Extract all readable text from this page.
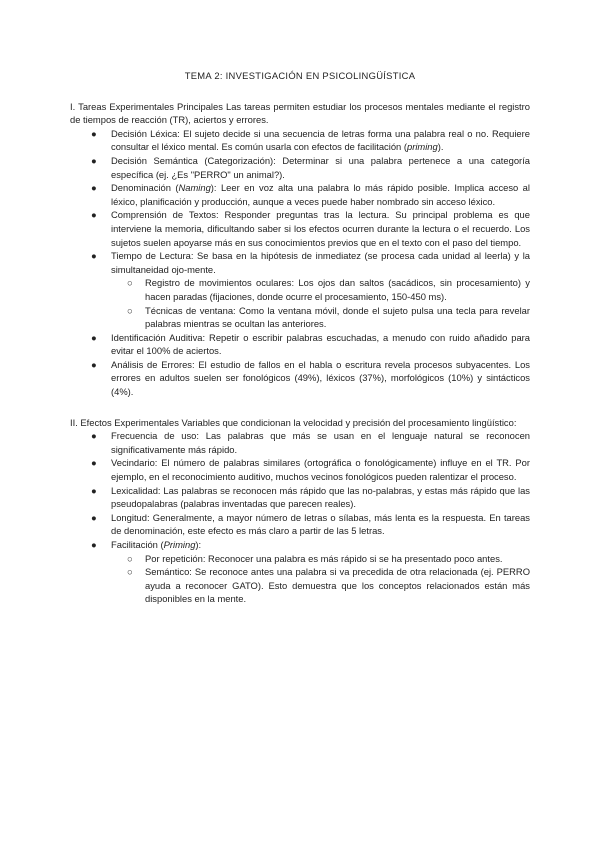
TEMA 2: INVESTIGACIÓN EN PSICOLINGÜÍSTICA

I. Tareas Experimentales Principales Las tareas permiten estudiar los procesos mentales mediante el registro de tiempos de reacción (TR), aciertos y errores.

●	Decisión Léxica: El sujeto decide si una secuencia de letras forma una palabra real o no. Requiere consultar el léxico mental. Es común usarla con efectos de facilitación (priming).
●	Decisión Semántica (Categorización): Determinar si una palabra pertenece a una categoría específica (ej. ¿Es "PERRO" un animal?).
●	Denominación (Naming): Leer en voz alta una palabra lo más rápido posible. Implica acceso al léxico, planificación y producción, aunque a veces puede haber nombrado sin acceso léxico.
●	Comprensión de Textos: Responder preguntas tras la lectura. Su principal problema es que interviene la memoria, dificultando saber si los efectos ocurren durante la lectura o el recuerdo. Los sujetos suelen apoyarse más en sus conocimientos previos que en el texto con el paso del tiempo.
●	Tiempo de Lectura: Se basa en la hipótesis de inmediatez (se procesa cada unidad al leerla) y la simultaneidad ojo-mente.
○	Registro de movimientos oculares: Los ojos dan saltos (sacádicos, sin procesamiento) y hacen paradas (fijaciones, donde ocurre el procesamiento, 150-450 ms).
○	Técnicas de ventana: Como la ventana móvil, donde el sujeto pulsa una tecla para revelar palabras mientras se ocultan las anteriores.
●	Identificación Auditiva: Repetir o escribir palabras escuchadas, a menudo con ruido añadido para evitar el 100% de aciertos.
●	Análisis de Errores: El estudio de fallos en el habla o escritura revela procesos subyacentes. Los errores en adultos suelen ser fonológicos (49%), léxicos (37%), morfológicos (10%) y sintácticos (4%).

II. Efectos Experimentales Variables que condicionan la velocidad y precisión del procesamiento lingüístico:

●	Frecuencia de uso: Las palabras que más se usan en el lenguaje natural se reconocen significativamente más rápido.
●	Vecindario: El número de palabras similares (ortográfica o fonológicamente) influye en el TR. Por ejemplo, en el reconocimiento auditivo, muchos vecinos fonológicos pueden ralentizar el proceso.
●	Lexicalidad: Las palabras se reconocen más rápido que las no-palabras, y estas más rápido que las pseudopalabras (palabras inventadas que parecen reales).
●	Longitud: Generalmente, a mayor número de letras o sílabas, más lenta es la respuesta. En tareas de denominación, este efecto es más claro a partir de las 5 letras.
●	Facilitación (Priming):
○	Por repetición: Reconocer una palabra es más rápido si se ha presentado poco antes.
○	Semántico: Se reconoce antes una palabra si va precedida de otra relacionada (ej. PERRO ayuda a reconocer GATO). Esto demuestra que los conceptos relacionados están más disponibles en la mente.
